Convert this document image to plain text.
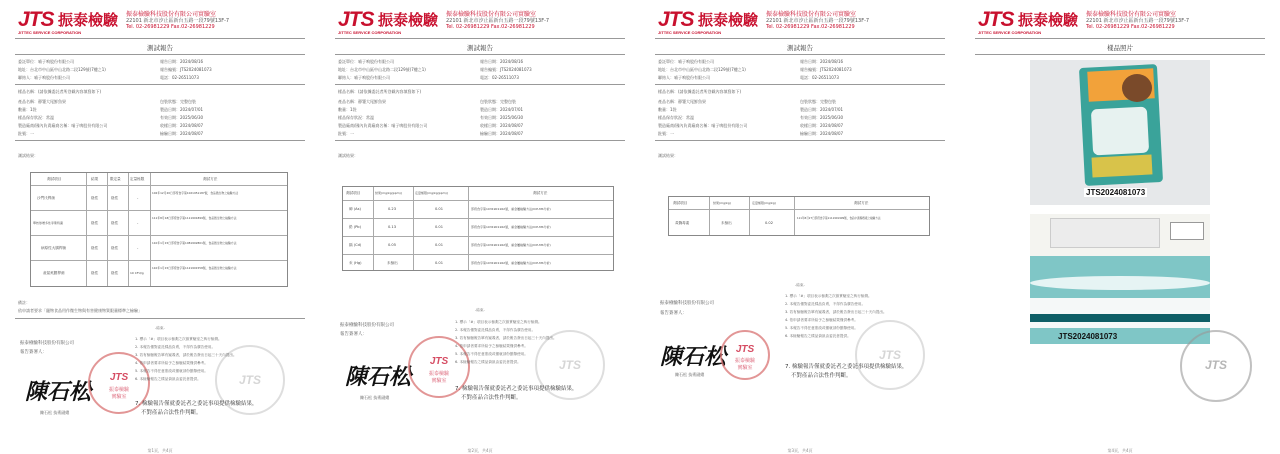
JTS
JITTEC SERVICE CORPORATION
振泰檢驗 振泰檢驗科技股份有限公司實驗室
22101 新北市汐止區新台五路一段79號13F-7
Tel. 02-26981229 Fax.02-26981229
測試報告
委託單位：喵子嗚股份有限公司
地址：台北市中山區中山北路二段129號(7樓之1)
聯絡人：喵子嗚股份有限公司
報告日期：2024/08/16
報告編號：JTS2024081073
電話：02-26511073
樣品名稱：(請依據委託者所登載內容填寫如下)
產品名稱：靜饕大尾鮮魚果
數量：1袋
樣品保存狀況：常溫
製造廠商/國內負責廠商名稱：喵子嗚股份有限公司
批號：一
包裝狀態：完整包裝
製造日期：2024/07/01
有效日期：2025/06/30
收樣日期：2024/08/07
檢驗日期：2024/08/07
測試結果：
測試項目	結果	限定量	定量極限	測試方法
沙門氏桿菌	陰性	陰性	-
102年12月20日部授食字第1021951187號，食品微生物之檢驗方法
單核球增多性李斯特菌	陰性	陰性	-
111年8月18日部授食字第1111901899號，食品微生物之檢驗方法
病原性大腸桿菌	陰性	陰性	-
110年1月15日部授食字第1081902801號，食品微生物之檢驗方法
產氣莢膜桿菌	陰性	陰性	10 CFU/g
110年1月15日部授食字第1121901558號，食品微生物之檢驗方法
備註：
依申請者要求「寵物食品用作微生物與有害健康物質限量標準之檢驗」
振泰檢驗科技股份有限公司
報告簽署人：
陳石松
陳石松 技術副總
JTS
振泰檢驗
實驗室
JTS
-結束-
1. 標示「#」項目表示檢測之次級實驗室之執行檢測。
2. 本報告僅對委託樣品負責，不得作為廣告使用。
3. 若有檢驗報告單有疑義者，請於報告發出日起三十天內提出。
4. 依申請者要求所給予之檢驗結果僅供參考。
5. 本報告不得任意塗改或僅就部份節錄使用。
6. 本檢驗報告之樣品資訊由委託者提供。
7. 檢驗報告僅就委託者之委託事項提供檢驗結果，
不對產品合法性作判斷。
第1頁，共4頁
JTS
JITTEC SERVICE CORPORATION
振泰檢驗 振泰檢驗科技股份有限公司實驗室
22101 新北市汐止區新台五路一段79號13F-7
Tel. 02-26981229 Fax.02-26981229
測試報告
委託單位：喵子嗚股份有限公司
地址：台北市中山區中山北路二段129號(7樓之1)
聯絡人：喵子嗚股份有限公司
報告日期：2024/08/16
報告編號：JTS2024081073
電話：02-26511073
樣品名稱：(請依據委託者所登載內容填寫如下)
產品名稱：靜饕大尾鮮魚果
數量：1袋
樣品保存狀況：常溫
製造廠商/國內負責廠商名稱：喵子嗚股份有限公司
批號：一
包裝狀態：完整包裝
製造日期：2024/07/01
有效日期：2025/06/30
收樣日期：2024/08/07
檢驗日期：2024/08/07
測試結果：
測試項目	結果(mg/kg(ppm))	定量極限(mg/kg(ppm))	測試方法
砷 (As)	0.23	0.01	部授食字第1031901162號，重金屬檢驗方法(ICP-MS分析)
鉛 (Pb)	0.13	0.01	部授食字第1031901162號，重金屬檢驗方法(ICP-MS分析)
鎘 (Cd)	0.05	0.01	部授食字第1031901162號，重金屬檢驗方法(ICP-MS分析)
汞 (Hg)	未檢出	0.01	部授食字第1031901162號，重金屬檢驗方法(ICP-MS分析)
振泰檢驗科技股份有限公司
報告簽署人：
陳石松
陳石松 技術副總
JTS
振泰檢驗
實驗室
JTS
-結束-
1. 標示「#」項目表示檢測之次級實驗室之執行檢測。
2. 本報告僅對委託樣品負責，不得作為廣告使用。
3. 若有檢驗報告單有疑義者，請於報告發出日起三十天內提出。
4. 依申請者要求所給予之檢驗結果僅供參考。
5. 本報告不得任意塗改或僅就部份節錄使用。
6. 本檢驗報告之樣品資訊由委託者提供。
7. 檢驗報告僅就委託者之委託事項提供檢驗結果，
不對產品合法性作判斷。
第2頁，共4頁
JTS
JITTEC SERVICE CORPORATION
振泰檢驗 振泰檢驗科技股份有限公司實驗室
22101 新北市汐止區新台五路一段79號13F-7
Tel. 02-26981229 Fax.02-26981229
測試報告
委託單位：喵子嗚股份有限公司
地址：台北市中山區中山北路二段129號(7樓之1)
聯絡人：喵子嗚股份有限公司
報告日期：2024/08/16
報告編號：JTS2024081073
電話：02-26511073
樣品名稱：(請依據委託者所登載內容填寫如下)
產品名稱：靜饕大尾鮮魚果
數量：1袋
樣品保存狀況：常溫
製造廠商/國內負責廠商名稱：喵子嗚股份有限公司
批號：一
包裝狀態：完整包裝
製造日期：2024/07/01
有效日期：2025/06/30
收樣日期：2024/08/07
檢驗日期：2024/08/07
測試結果：
測試項目	結果(mg/kg)	定量極限(mg/kg)	測試方法
黃麴毒素	未檢出	0.02
111年8月27日部授食字第1111901999號，食品中黃麴毒素之檢驗方法
振泰檢驗科技股份有限公司
報告簽署人：
陳石松
陳石松 技術副總
JTS
振泰檢驗
實驗室
JTS
-結束-
1. 標示「#」項目表示檢測之次級實驗室之執行檢測。
2. 本報告僅對委託樣品負責，不得作為廣告使用。
3. 若有檢驗報告單有疑義者，請於報告發出日起三十天內提出。
4. 依申請者要求所給予之檢驗結果僅供參考。
5. 本報告不得任意塗改或僅就部份節錄使用。
6. 本檢驗報告之樣品資訊由委託者提供。
7. 檢驗報告僅就委託者之委託事項提供檢驗結果，
不對產品合法性作判斷。
第3頁，共4頁
JTS
JITTEC SERVICE CORPORATION
振泰檢驗 振泰檢驗科技股份有限公司實驗室
22101 新北市汐止區新台五路一段79號13F-7
Tel. 02-26981229 Fax.02-26981229
樣品照片
JTS2024081073
JTS2024081073
JTS
第4頁，共4頁
